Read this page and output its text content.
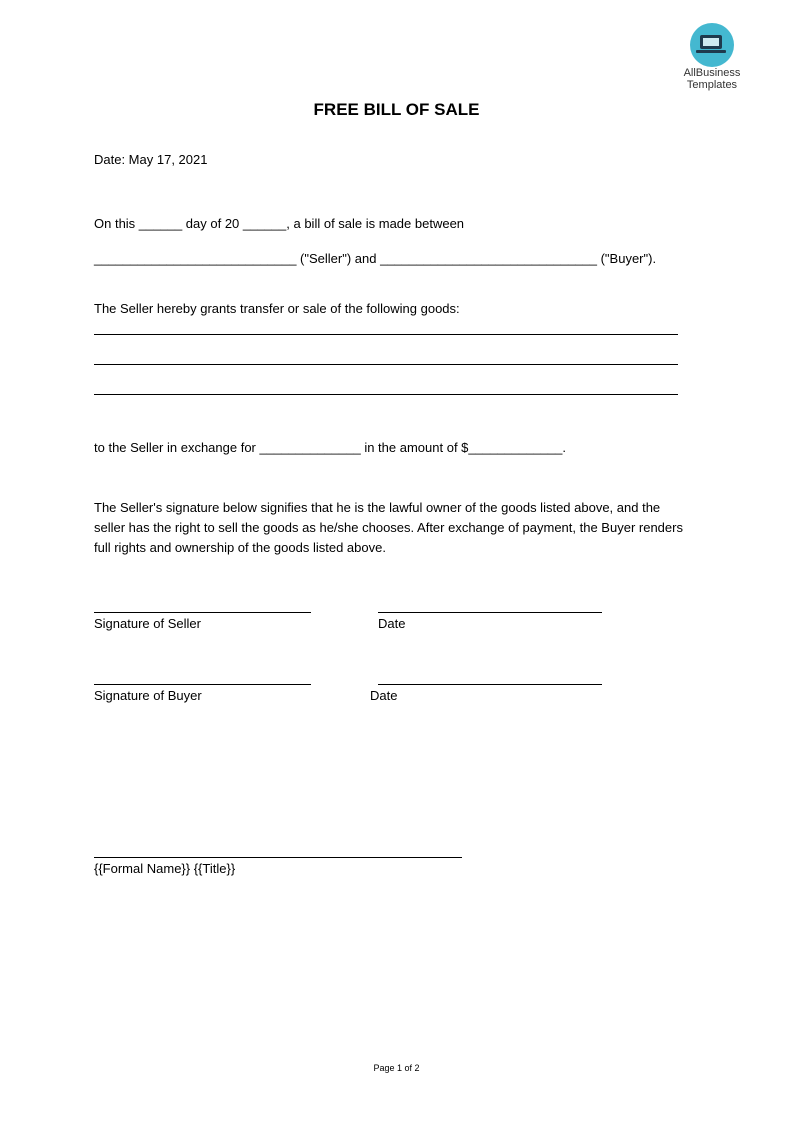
AllBusiness
Templates
FREE BILL OF SALE
Date: May 17, 2021
On this ______ day of 20 ______, a bill of sale is made between
____________________________ ("Seller") and ______________________________ ("Buyer").
The Seller hereby grants transfer or sale of the following goods:
to the Seller in exchange for ______________ in the amount of $_____________.
The Seller's signature below signifies that he is the lawful owner of the goods listed above, and the seller has the right to sell the goods as he/she chooses. After exchange of payment, the Buyer renders full rights and ownership of the goods listed above.
Signature of Seller	Date
Signature of Buyer	Date
{{Formal Name}} {{Title}}
Page 1 of 2
